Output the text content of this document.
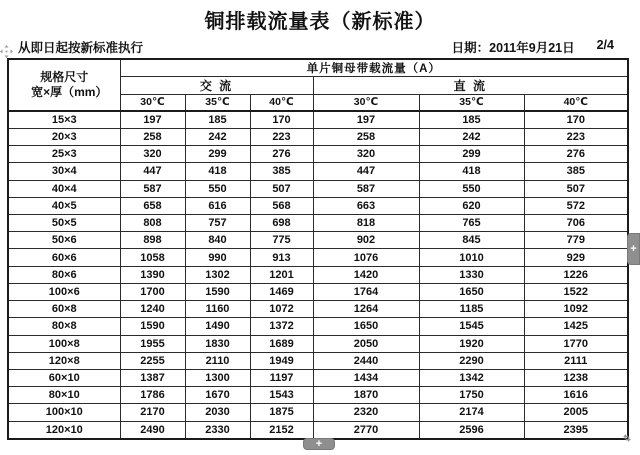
铜排载流量表（新标准）
从即日起按新标准执行	日期：2011年9月21日 2/4
规格尺寸
宽×厚（mm）	单片铜母带载流量（A）					
	交 流			直 流		
	30℃	35℃	40℃	30℃	35℃	40℃
15×3	197	185	170	197	185	170
20×3	258	242	223	258	242	223
25×3	320	299	276	320	299	276
30×4	447	418	385	447	418	385
40×4	587	550	507	587	550	507
40×5	658	616	568	663	620	572
50×5	808	757	698	818	765	706
50×6	898	840	775	902	845	779
60×6	1058	990	913	1076	1010	929
80×6	1390	1302	1201	1420	1330	1226
100×6	1700	1590	1469	1764	1650	1522
60×8	1240	1160	1072	1264	1185	1092
80×8	1590	1490	1372	1650	1545	1425
100×8	1955	1830	1689	2050	1920	1770
120×8	2255	2110	1949	2440	2290	2111
60×10	1387	1300	1197	1434	1342	1238
80×10	1786	1670	1543	1870	1750	1616
100×10	2170	2030	1875	2320	2174	2005
120×10	2490	2330	2152	2770	2596	2395
+
+
